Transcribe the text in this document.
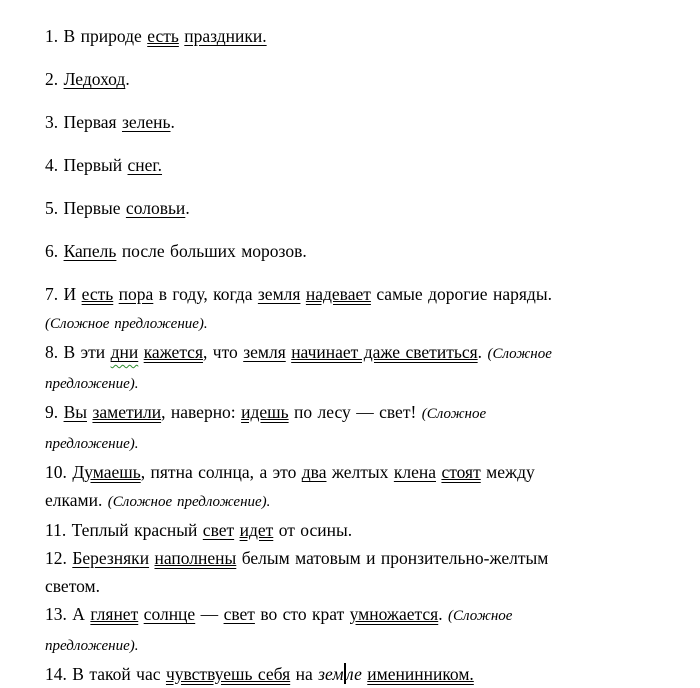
1. В природе есть праздники.

2. Ледоход.

3. Первая зелень.

4. Первый снег.

5. Первые соловьи.

6. Капель после больших морозов.

7. И есть пора в году, когда земля надевает самые дорогие наряды.
(Сложное предложение).

8. В эти дни кажется, что земля начинает даже светиться. (Сложное
предложение).

9. Вы заметили, наверно: идешь по лесу — свет! (Сложное
предложение).

10. Думаешь, пятна солнца, а это два желтых клена стоят между
елками. (Сложное предложение).

11. Теплый красный свет идет от осины.

12. Березняки наполнены белым матовым и пронзительно-желтым
светом.

13. А глянет солнце — свет во сто крат умножается. (Сложное
предложение).

14. В такой час чувствуешь себя на зем ле именинником.
